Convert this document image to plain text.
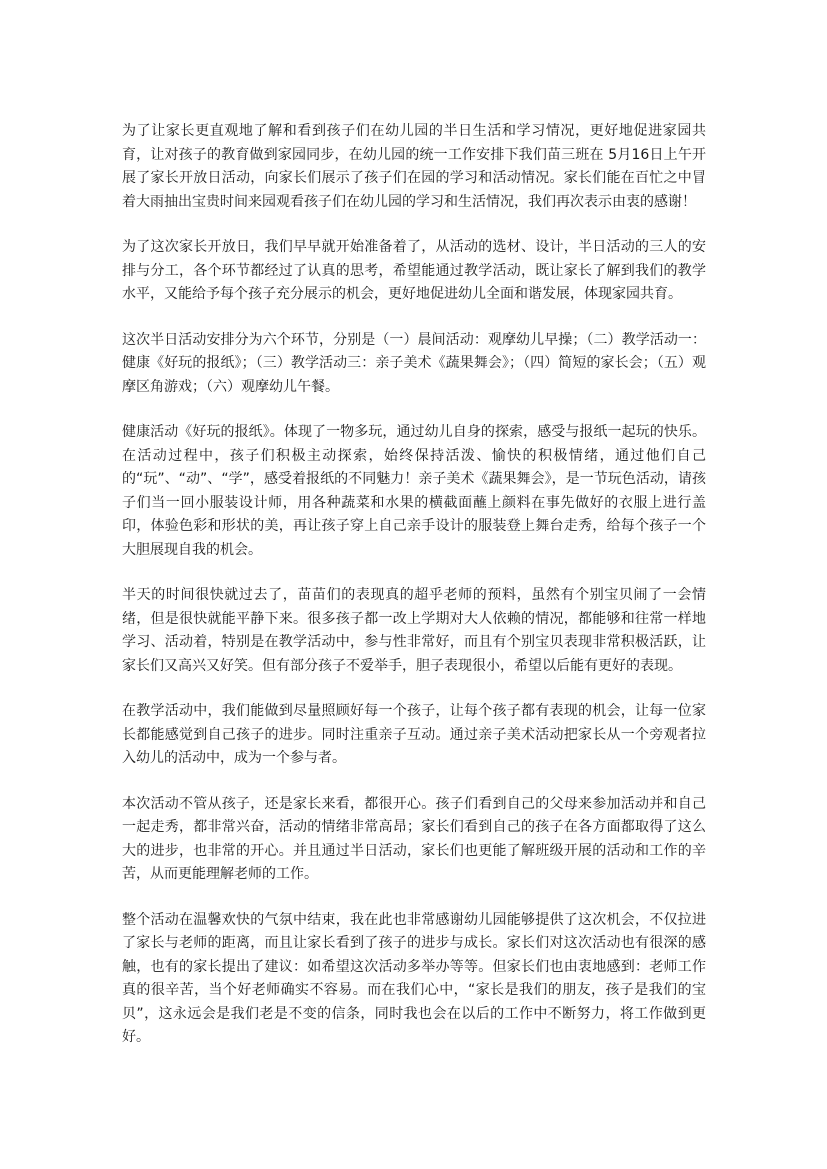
为了让家长更直观地了解和看到孩子们在幼儿园的半日生活和学习情况，更好地促进家园共育，让对孩子的教育做到家园同步，在幼儿园的统一工作安排下我们苗三班在 5月16日上午开展了家长开放日活动，向家长们展示了孩子们在园的学习和活动情况。家长们能在百忙之中冒着大雨抽出宝贵时间来园观看孩子们在幼儿园的学习和生活情况，我们再次表示由衷的感谢！

为了这次家长开放日，我们早早就开始准备着了，从活动的选材、设计，半日活动的三人的安排与分工，各个环节都经过了认真的思考，希望能通过教学活动，既让家长了解到我们的教学水平，又能给予每个孩子充分展示的机会，更好地促进幼儿全面和谐发展，体现家园共育。

这次半日活动安排分为六个环节，分别是（一）晨间活动：观摩幼儿早操；（二）教学活动一：健康《好玩的报纸》；（三）教学活动三：亲子美术《蔬果舞会》；（四）简短的家长会；（五）观摩区角游戏；（六）观摩幼儿午餐。

健康活动《好玩的报纸》。体现了一物多玩，通过幼儿自身的探索，感受与报纸一起玩的快乐。在活动过程中，孩子们积极主动探索，始终保持活泼、愉快的积极情绪，通过他们自己的“玩”、“动”、“学”，感受着报纸的不同魅力！亲子美术《蔬果舞会》，是一节玩色活动，请孩子们当一回小服装设计师，用各种蔬菜和水果的横截面蘸上颜料在事先做好的衣服上进行盖印，体验色彩和形状的美，再让孩子穿上自己亲手设计的服装登上舞台走秀，给每个孩子一个大胆展现自我的机会。

半天的时间很快就过去了，苗苗们的表现真的超乎老师的预料，虽然有个别宝贝闹了一会情绪，但是很快就能平静下来。很多孩子都一改上学期对大人依赖的情况，都能够和往常一样地学习、活动着，特别是在教学活动中，参与性非常好，而且有个别宝贝表现非常积极活跃，让家长们又高兴又好笑。但有部分孩子不爱举手，胆子表现很小，希望以后能有更好的表现。

在教学活动中，我们能做到尽量照顾好每一个孩子，让每个孩子都有表现的机会，让每一位家长都能感觉到自己孩子的进步。同时注重亲子互动。通过亲子美术活动把家长从一个旁观者拉入幼儿的活动中，成为一个参与者。

本次活动不管从孩子，还是家长来看，都很开心。孩子们看到自己的父母来参加活动并和自己一起走秀，都非常兴奋，活动的情绪非常高昂；家长们看到自己的孩子在各方面都取得了这么大的进步，也非常的开心。并且通过半日活动，家长们也更能了解班级开展的活动和工作的辛苦，从而更能理解老师的工作。

整个活动在温馨欢快的气氛中结束，我在此也非常感谢幼儿园能够提供了这次机会，不仅拉进了家长与老师的距离，而且让家长看到了孩子的进步与成长。家长们对这次活动也有很深的感触，也有的家长提出了建议：如希望这次活动多举办等等。但家长们也由衷地感到：老师工作真的很辛苦，当个好老师确实不容易。而在我们心中，“家长是我们的朋友，孩子是我们的宝贝”，这永远会是我们老是不变的信条，同时我也会在以后的工作中不断努力，将工作做到更好。
